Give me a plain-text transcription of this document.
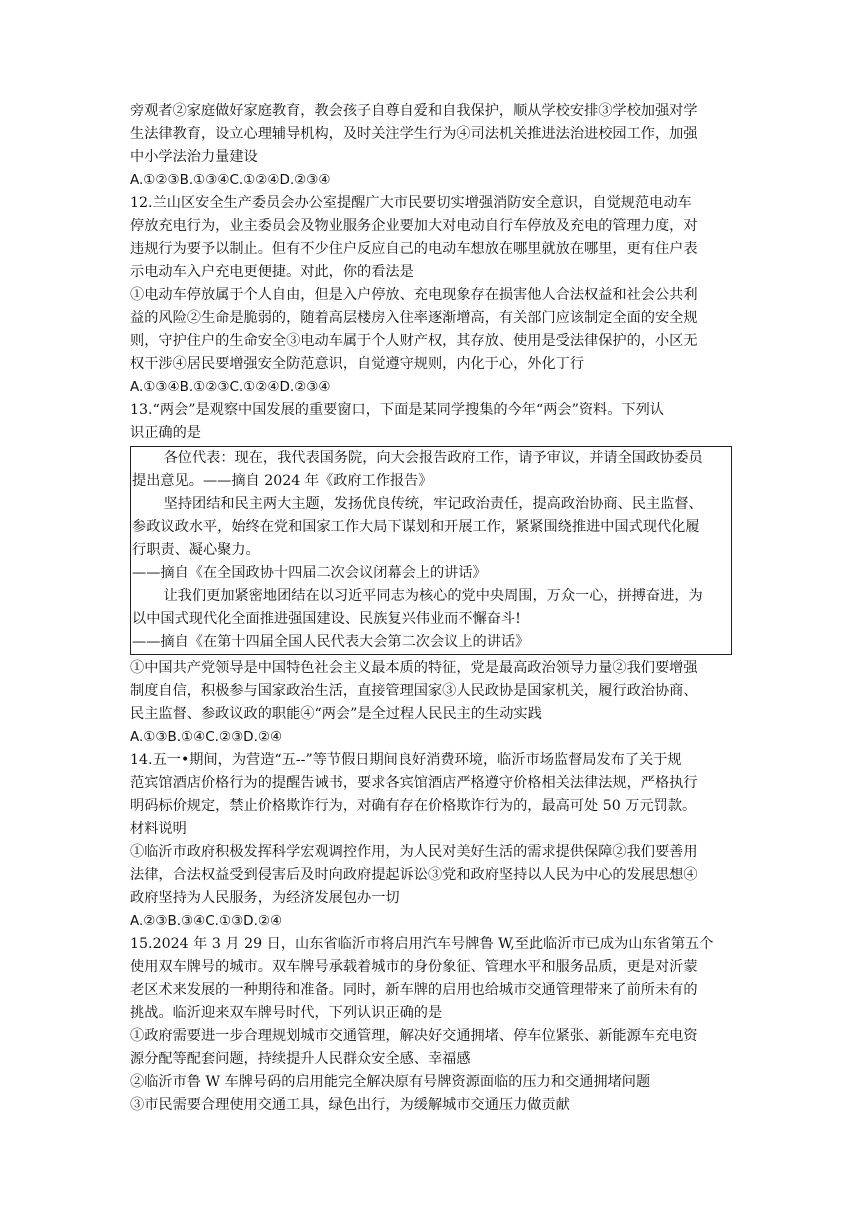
旁观者②家庭做好家庭教育，教会孩子自尊自爱和自我保护，顺从学校安排③学校加强对学
生法律教育，设立心理辅导机构，及时关注学生行为④司法机关推进法治进校园工作，加强
中小学法治力量建设
A.①②③B.①③④C.①②④D.②③④
12.兰山区安全生产委员会办公室提醒广大市民要切实增强消防安全意识，自觉规范电动车
停放充电行为，业主委员会及物业服务企业要加大对电动自行车停放及充电的管理力度，对
违规行为要予以制止。但有不少住户反应自己的电动车想放在哪里就放在哪里，更有住户表
示电动车入户充电更便捷。对此，你的看法是
①电动车停放属于个人自由，但是入户停放、充电现象存在损害他人合法权益和社会公共利
益的风险②生命是脆弱的，随着高层楼房入住率逐渐增高，有关部门应该制定全面的安全规
则，守护住户的生命安全③电动车属于个人财产权，其存放、使用是受法律保护的，小区无
权干涉④居民要增强安全防范意识，自觉遵守规则，内化于心，外化丁行
A.①③④B.①②③C.①②④D.②③④
13.“两会”是观察中国发展的重要窗口，下面是某同学搜集的今年“两会”资料。下列认
识正确的是
各位代表：现在，我代表国务院，向大会报告政府工作，请予审议，并请全国政协委员
提出意见。——摘自 2024 年《政府工作报告》
坚持团结和民主两大主题，发扬优良传统，牢记政治责任，提高政治协商、民主监督、
参政议政水平，始终在党和国家工作大局下谋划和开展工作，紧紧围绕推进中国式现代化履
行职责、凝心聚力。
——摘自《在全国政协十四届二次会议闭幕会上的讲话》
让我们更加紧密地团结在以习近平同志为核心的党中央周围，万众一心，拼搏奋进，为
以中国式现代化全面推进强国建设、民族复兴伟业而不懈奋斗!
——摘自《在第十四届全国人民代表大会第二次会议上的讲话》
①中国共产党领导是中国特色社会主义最本质的特征，党是最高政治领导力量②我们要增强
制度自信，积极参与国家政治生活，直接管理国家③人民政协是国家机关，履行政治协商、
民主监督、参政议政的职能④“两会”是全过程人民民主的生动实践
A.①③B.①④C.②③D.②④
14.五一•期间，为营造“五--”等节假日期间良好消费环境，临沂市场监督局发布了关于规
范宾馆酒店价格行为的提醒告诫书，要求各宾馆酒店严格遵守价格相关法律法规，严格执行
明码标价规定，禁止价格欺诈行为，对确有存在价格欺诈行为的，最高可处 50 万元罚款。
材料说明
①临沂市政府积极发挥科学宏观调控作用，为人民对美好生活的需求提供保障②我们要善用
法律，合法权益受到侵害后及时向政府提起诉讼③党和政府坚持以人民为中心的发展思想④
政府坚持为人民服务，为经济发展包办一切
A.②③B.③④C.①③D.②④
15.2024 年 3 月 29 日，山东省临沂市将启用汽车号牌鲁 W,至此临沂市已成为山东省第五个
使用双车牌号的城市。双车牌号承载着城市的身份象征、管理水平和服务品质，更是对沂蒙
老区术来发展的一种期待和准备。同时，新车牌的启用也给城市交通管理带来了前所未有的
挑战。临沂迎来双车牌号时代，下列认识正确的是
①政府需要进一步合理规划城市交通管理，解决好交通拥堵、停车位紧张、新能源车充电资
源分配等配套问题，持续提升人民群众安全感、幸福感
②临沂市鲁 W 车牌号码的启用能完全解决原有号牌资源面临的压力和交通拥堵问题
③市民需要合理使用交通工具，绿色出行，为缓解城市交通压力做贡献
